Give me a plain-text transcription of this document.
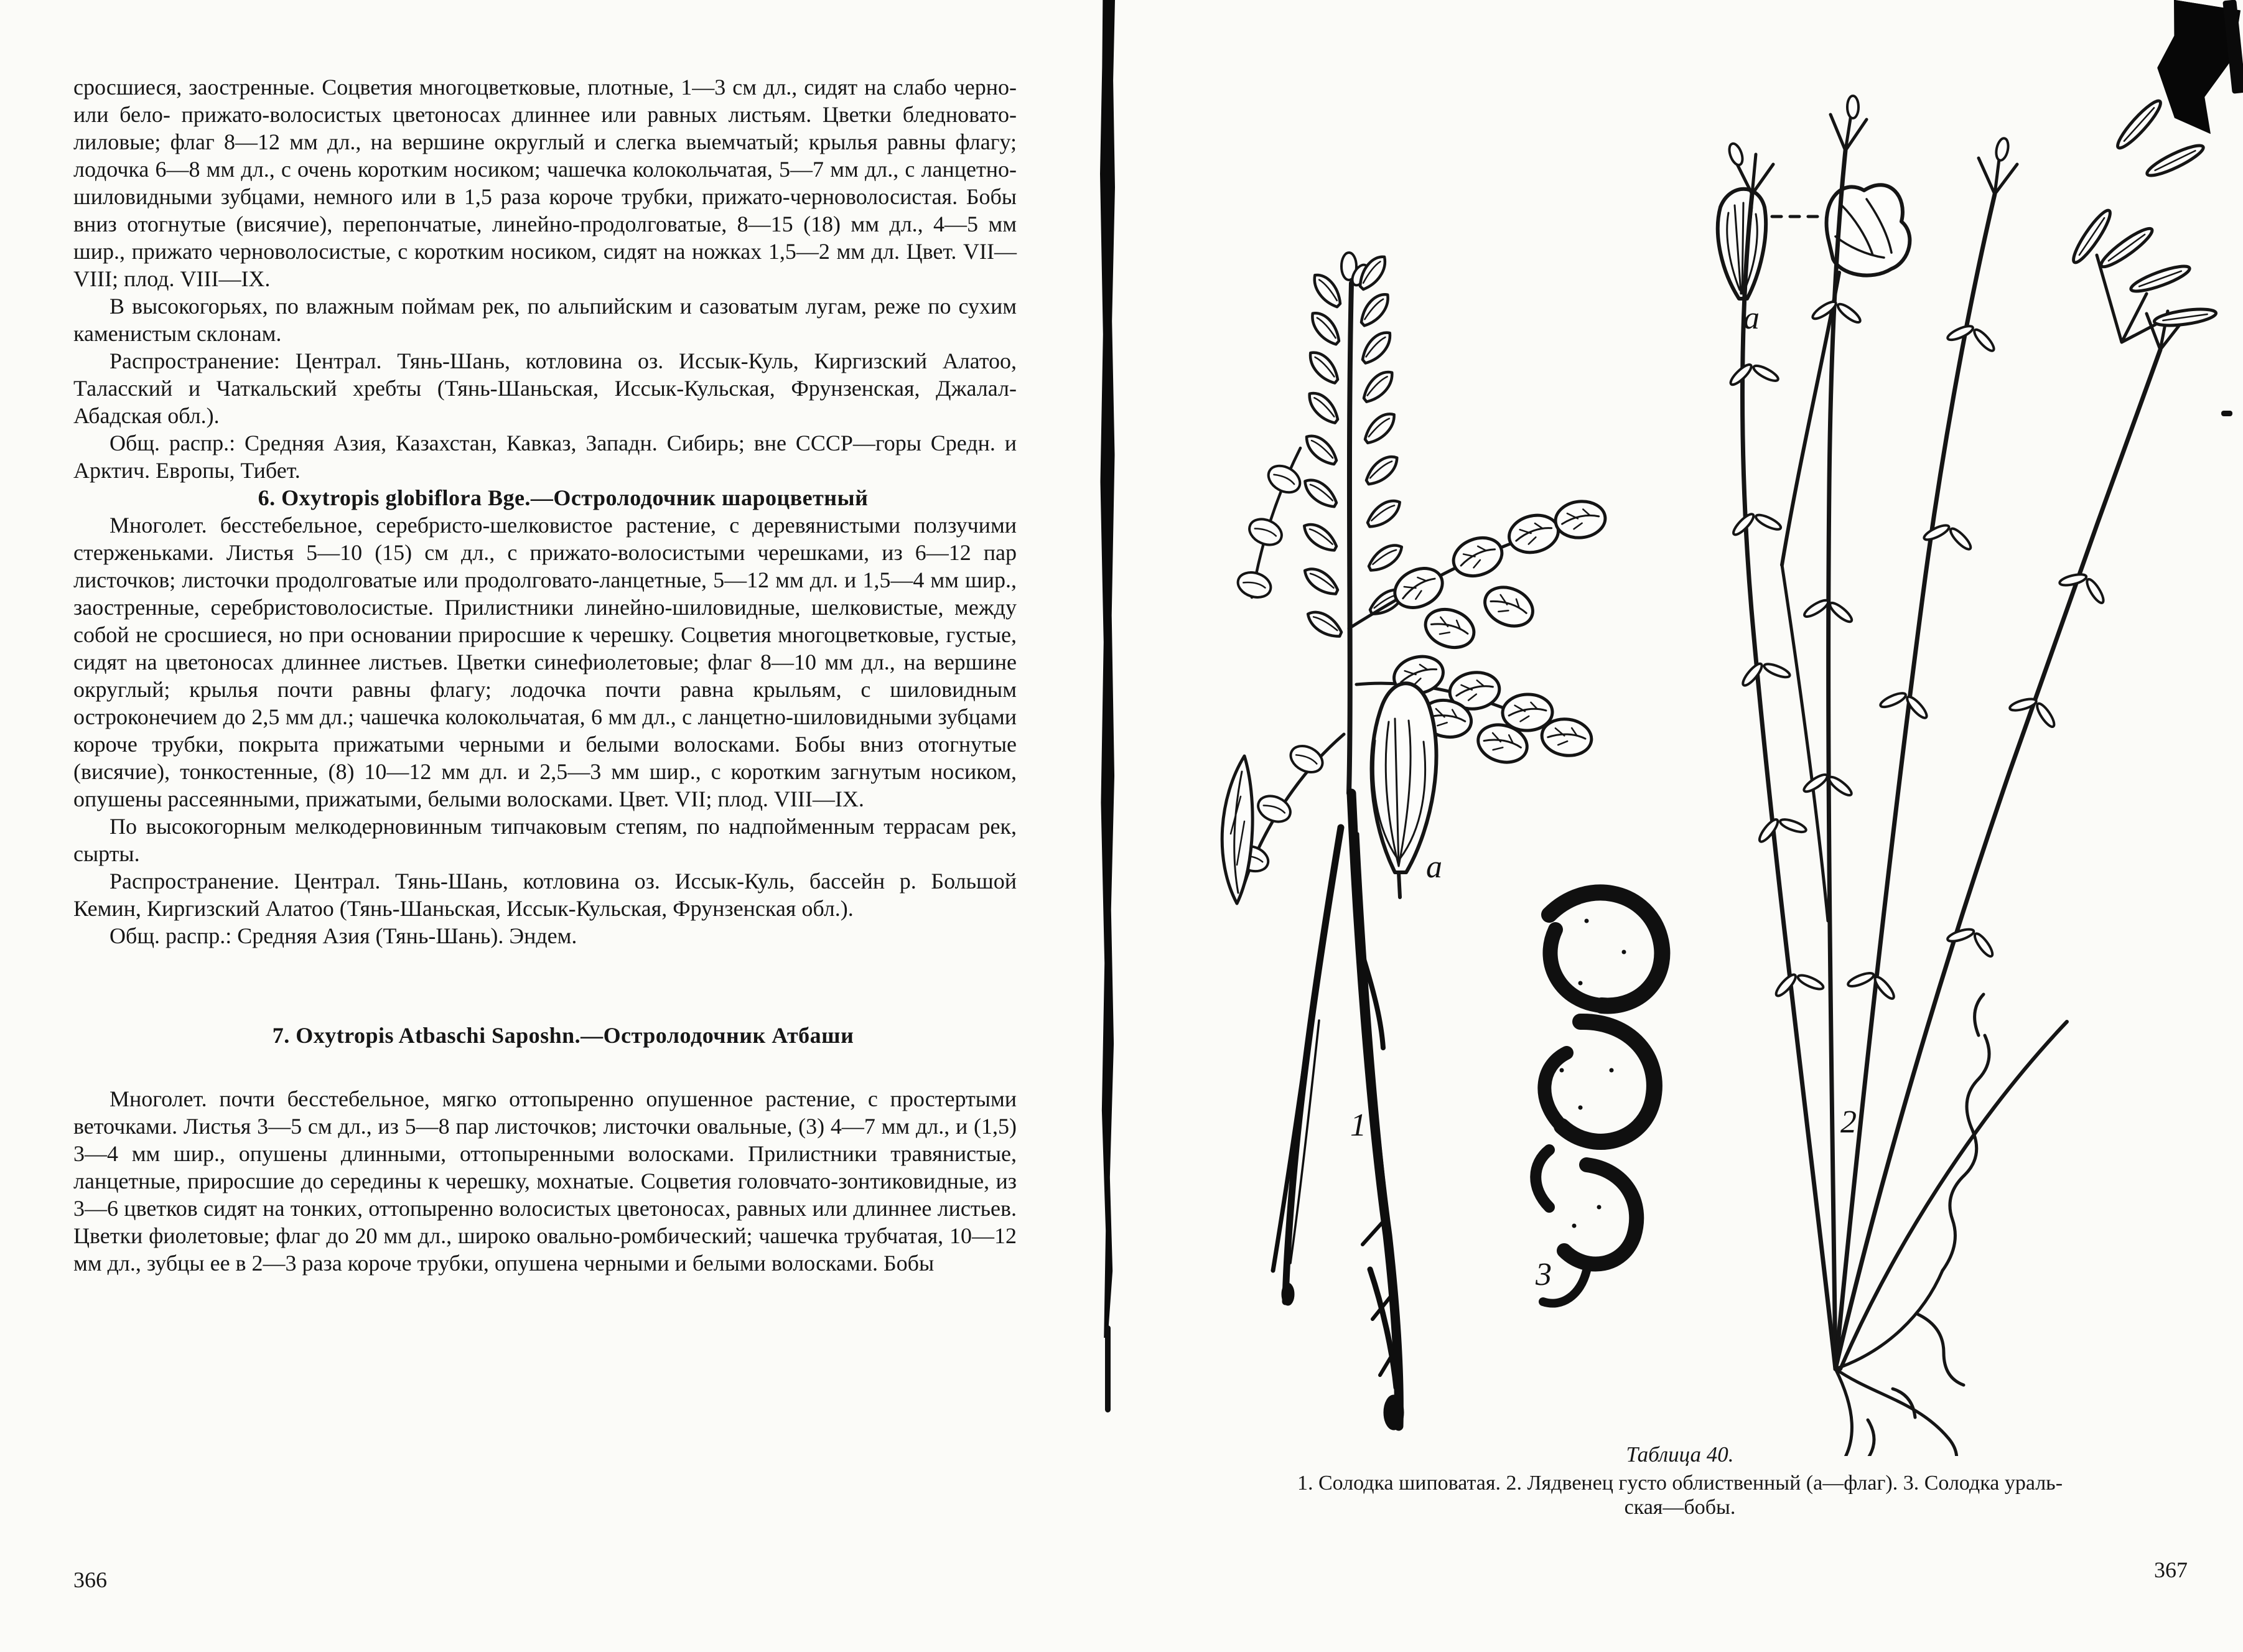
сросшиеся, заостренные. Соцветия многоцветковые, плотные, 1—3 см дл., сидят на слабо черно- или бело- прижато-волосистых цветоносах длиннее или равных листьям. Цветки бледновато-лиловые; флаг 8—12 мм дл., на вершине округлый и слегка выемчатый; крылья равны флагу; лодочка 6—8 мм дл., с очень коротким носиком; чашечка колокольчатая, 5—7 мм дл., с ланцетно-шиловидными зубцами, немного или в 1,5 раза короче трубки, прижато-черноволосистая. Бобы вниз отогнутые (висячие), перепончатые, линейно-продолговатые, 8—15 (18) мм дл., 4—5 мм шир., прижато черноволосистые, с коротким носиком, сидят на ножках 1,5—2 мм дл. Цвет. VII—VIII; плод. VIII—IX.

В высокогорьях, по влажным поймам рек, по альпийским и сазоватым лугам, реже по сухим каменистым склонам.

Распространение: Централ. Тянь-Шань, котловина оз. Иссык-Куль, Киргизский Алатоо, Таласский и Чаткальский хребты (Тянь-Шаньская, Иссык-Кульская, Фрунзенская, Джалал-Абадская обл.).

Общ. распр.: Средняя Азия, Казахстан, Кавказ, Западн. Сибирь; вне СССР—горы Средн. и Арктич. Европы, Тибет.

6. Oxytropis globiflora Bge.—Остролодочник шароцветный

Многолет. бесстебельное, серебристо-шелковистое растение, с деревянистыми ползучими стерженьками. Листья 5—10 (15) см дл., с прижато-волосистыми черешками, из 6—12 пар листочков; листочки продолговатые или продолговато-ланцетные, 5—12 мм дл. и 1,5—4 мм шир., заостренные, серебристоволосистые. Прилистники линейно-шиловидные, шелковистые, между собой не сросшиеся, но при основании приросшие к черешку. Соцветия многоцветковые, густые, сидят на цветоносах длиннее листьев. Цветки синефиолетовые; флаг 8—10 мм дл., на вершине округлый; крылья почти равны флагу; лодочка почти равна крыльям, с шиловидным остроконечием до 2,5 мм дл.; чашечка колокольчатая, 6 мм дл., с ланцетно-шиловидными зубцами короче трубки, покрыта прижатыми черными и белыми волосками. Бобы вниз отогнутые (висячие), тонкостенные, (8) 10—12 мм дл. и 2,5—3 мм шир., с коротким загнутым носиком, опушены рассеянными, прижатыми, белыми волосками. Цвет. VII; плод. VIII—IX.

По высокогорным мелкодерновинным типчаковым степям, по надпойменным террасам рек, сырты.

Распространение. Централ. Тянь-Шань, котловина оз. Иссык-Куль, бассейн р. Большой Кемин, Киргизский Алатоо (Тянь-Шаньская, Иссык-Кульская, Фрунзенская обл.).

Общ. распр.: Средняя Азия (Тянь-Шань). Эндем.

7. Oxytropis Atbaschi Saposhn.—Остролодочник Атбаши

Многолет. почти бесстебельное, мягко оттопыренно опушенное растение, с простертыми веточками. Листья 3—5 см дл., из 5—8 пар листочков; листочки овальные, (3) 4—7 мм дл., и (1,5) 3—4 мм шир., опушены длинными, оттопыренными волосками. Прилистники травянистые, ланцетные, приросшие до середины к черешку, мохнатые. Соцветия головчато-зонтиковидные, из 3—6 цветков сидят на тонких, оттопыренно волосистых цветоносах, равных или длиннее листьев. Цветки фиолетовые; флаг до 20 мм дл., широко овально-ромбический; чашечка трубчатая, 10—12 мм дл., зубцы ее в 2—3 раза короче трубки, опушена черными и белыми волосками. Бобы

366
а
1
3
а
2

Таблица 40.

1. Солодка шиповатая. 2. Лядвенец густо облиственный (а—флаг). 3. Солодка ураль-

ская—бобы.

367
